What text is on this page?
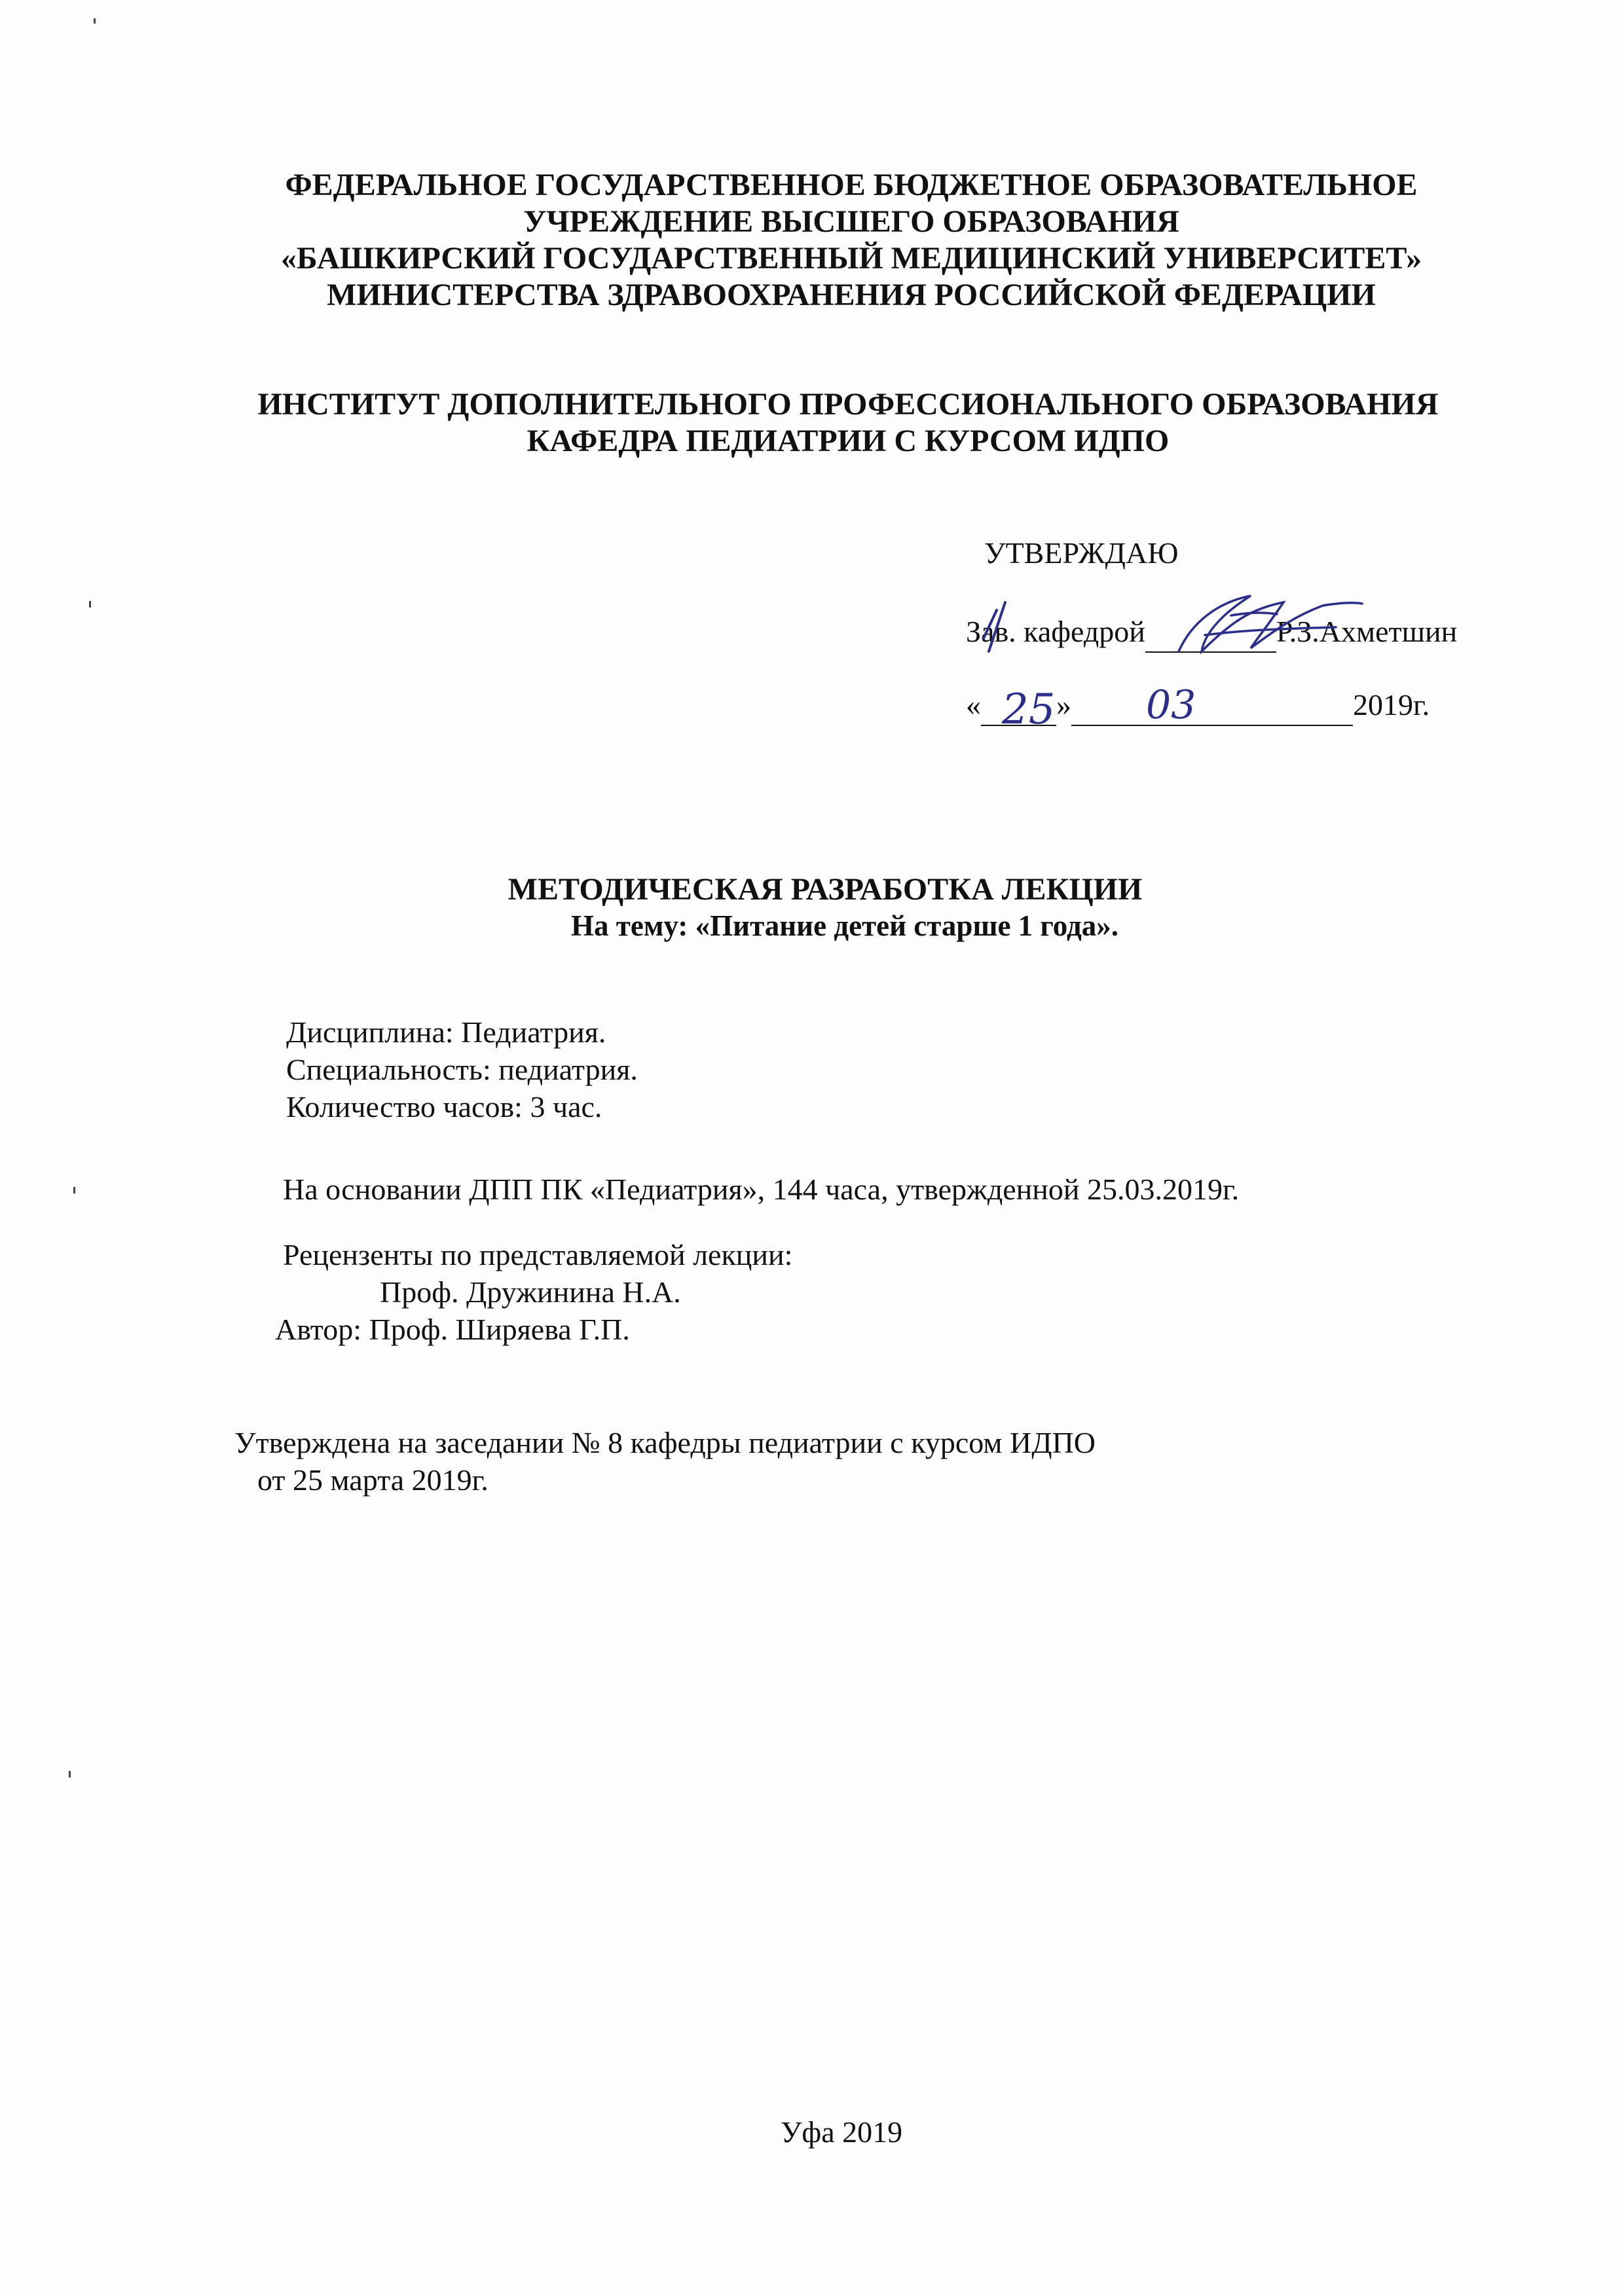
ФЕДЕРАЛЬНОЕ ГОСУДАРСТВЕННОЕ БЮДЖЕТНОЕ ОБРАЗОВАТЕЛЬНОЕ
УЧРЕЖДЕНИЕ ВЫСШЕГО ОБРАЗОВАНИЯ
«БАШКИРСКИЙ ГОСУДАРСТВЕННЫЙ МЕДИЦИНСКИЙ УНИВЕРСИТЕТ»
МИНИСТЕРСТВА ЗДРАВООХРАНЕНИЯ РОССИЙСКОЙ ФЕДЕРАЦИИ
ИНСТИТУТ ДОПОЛНИТЕЛЬНОГО ПРОФЕССИОНАЛЬНОГО ОБРАЗОВАНИЯ
КАФЕДРА ПЕДИАТРИИ С КУРСОМ ИДПО
УТВЕРЖДАЮ
Зав. кафедрой	Р.З.Ахметшин
«	»	2019г.
25 03
МЕТОДИЧЕСКАЯ РАЗРАБОТКА ЛЕКЦИИ
На тему: «Питание детей старше 1 года».
Дисциплина: Педиатрия.
Специальность: педиатрия.
Количество часов: 3 час.
На основании ДПП ПК «Педиатрия», 144 часа, утвержденной 25.03.2019г.
Рецензенты по представляемой лекции:
Проф. Дружинина Н.А.
Автор: Проф. Ширяева Г.П.
Утверждена на заседании № 8 кафедры педиатрии с курсом ИДПО
от 25 марта 2019г.
Уфа 2019
